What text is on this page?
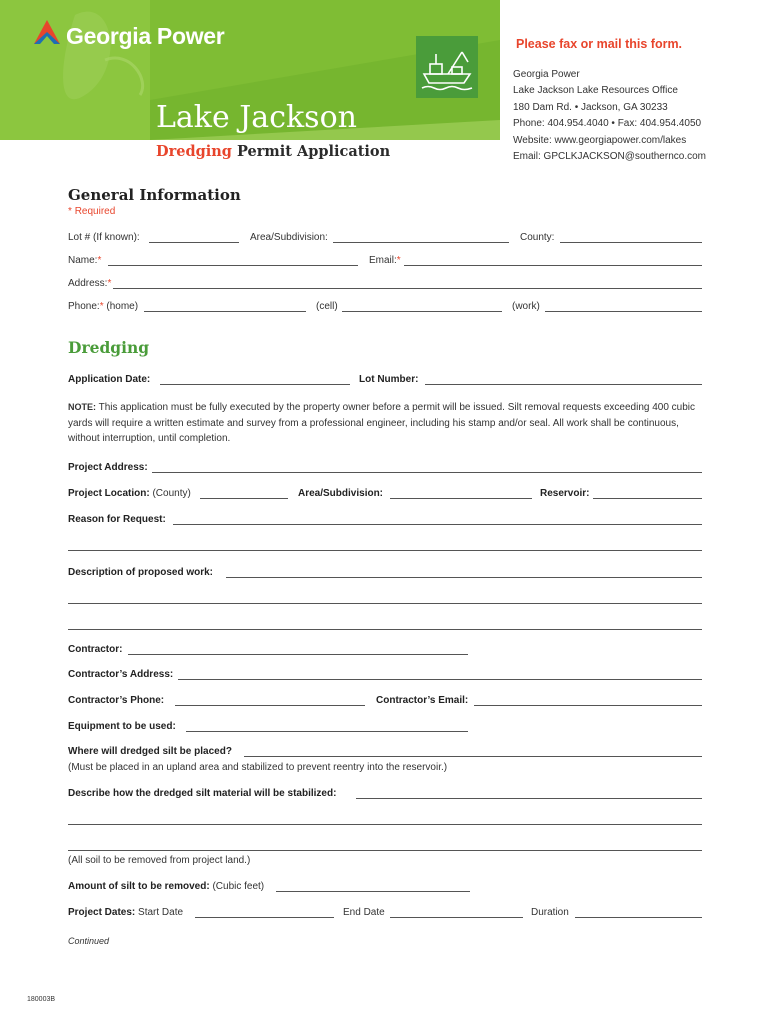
Georgia Power
Lake Jackson
Dredging Permit Application
Please fax or mail this form.
Georgia Power
Lake Jackson Lake Resources Office
180 Dam Rd. • Jackson, GA 30233
Phone: 404.954.4040 • Fax: 404.954.4050
Website: www.georgiapower.com/lakes
Email: GPCLKJACKSON@southernco.com
General Information
* Required
Lot # (If known):	Area/Subdivision:	County:
Name:*	Email:*
Address:*
Phone:* (home)	(cell)	(work)
Dredging
Application Date:	Lot Number:
NOTE: This application must be fully executed by the property owner before a permit will be issued. Silt removal requests exceeding 400 cubic yards will require a written estimate and survey from a professional engineer, including his stamp and/or seal. All work shall be continuous, without interruption, until completion.
Project Address:
Project Location: (County)	Area/Subdivision:	Reservoir:
Reason for Request:
Description of proposed work:
Contractor:
Contractor’s Address:
Contractor’s Phone:	Contractor’s Email:
Equipment to be used:
Where will dredged silt be placed?
(Must be placed in an upland area and stabilized to prevent reentry into the reservoir.)
Describe how the dredged silt material will be stabilized:
(All soil to be removed from project land.)
Amount of silt to be removed: (Cubic feet)
Project Dates: Start Date	End Date	Duration
Continued
180003B
